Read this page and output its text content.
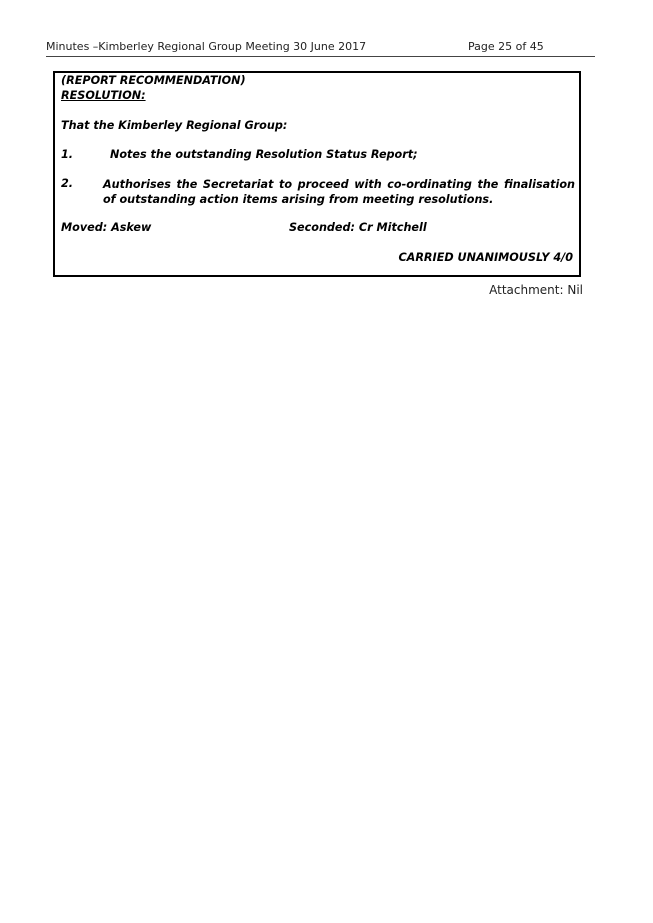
Minutes –Kimberley Regional Group Meeting 30 June 2017	Page 25 of 45
(REPORT RECOMMENDATION)
RESOLUTION:
That the Kimberley Regional Group:
1.	Notes the outstanding Resolution Status Report;
2.	Authorises the Secretariat to proceed with co-ordinating the finalisation of outstanding action items arising from meeting resolutions.
Moved: Askew	Seconded: Cr Mitchell
CARRIED UNANIMOUSLY 4/0
Attachment: Nil
